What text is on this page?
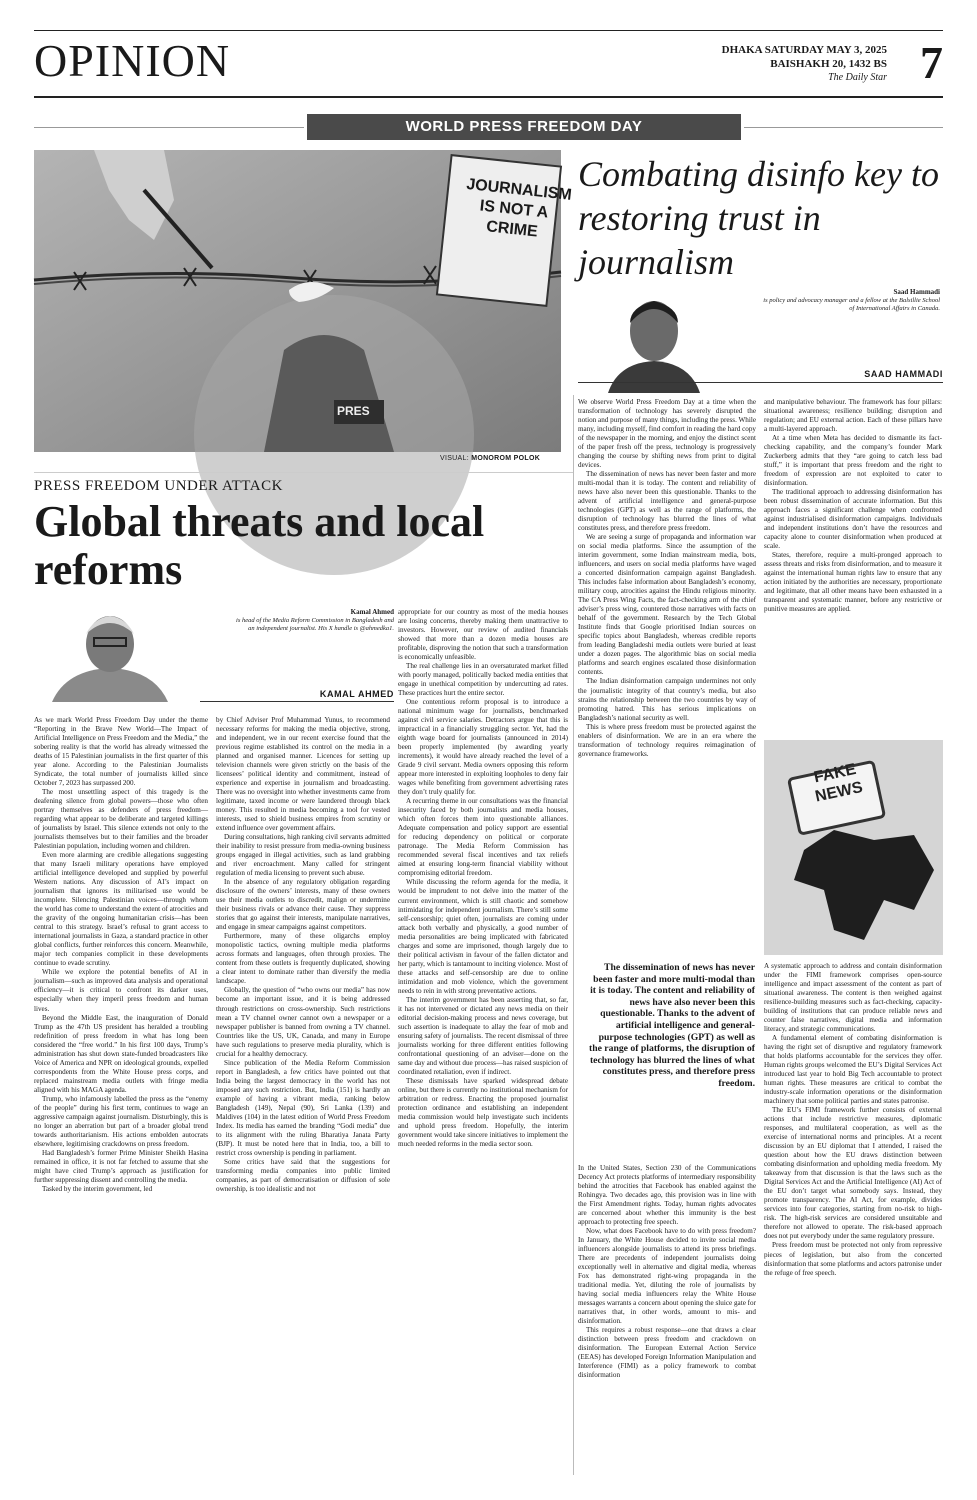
OPINION	DHAKA SATURDAY MAY 3, 2025
BAISHAKH 20, 1432 BS
The Daily Star 7
WORLD PRESS FREEDOM DAY
JOURNALISM IS NOT A CRIME
PRES
VISUAL: MONOROM POLOK
Combating disinfo key to restoring trust in journalism
Saad Hammadi
is policy and advocacy manager and a fellow at the Balsillie School of International Affairs in Canada.
SAAD HAMMADI
PRESS FREEDOM UNDER ATTACK
Global threats and local reforms
Kamal Ahmed
is head of the Media Reform Commission in Bangladesh and an independent journalist. His X handle is @ahmedka1.
KAMAL AHMED

As we mark World Press Freedom Day under the theme “Reporting in the Brave New World—The Impact of Artificial Intelligence on Press Freedom and the Media,” the sobering reality is that the world has already witnessed the deaths of 15 Palestinian journalists in the first quarter of this year alone. According to the Palestinian Journalists Syndicate, the total number of journalists killed since October 7, 2023 has surpassed 200.

The most unsettling aspect of this tragedy is the deafening silence from global powers—those who often portray themselves as defenders of press freedom—regarding what appear to be deliberate and targeted killings of journalists by Israel. This silence extends not only to the journalists themselves but to their families and the broader Palestinian population, including women and children.

Even more alarming are credible allegations suggesting that many Israeli military operations have employed artificial intelligence developed and supplied by powerful Western nations. Any discussion of AI’s impact on journalism that ignores its militarised use would be incomplete. Silencing Palestinian voices—through whom the world has come to understand the extent of atrocities and the gravity of the ongoing humanitarian crisis—has been central to this strategy. Israel’s refusal to grant access to international journalists in Gaza, a standard practice in other global conflicts, further reinforces this concern. Meanwhile, major tech companies complicit in these developments continue to evade scrutiny.

While we explore the potential benefits of AI in journalism—such as improved data analysis and operational efficiency—it is critical to confront its darker uses, especially when they imperil press freedom and human lives.

Beyond the Middle East, the inauguration of Donald Trump as the 47th US president has heralded a troubling redefinition of press freedom in what has long been considered the “free world.” In his first 100 days, Trump’s administration has shut down state-funded broadcasters like Voice of America and NPR on ideological grounds, expelled correspondents from the White House press corps, and replaced mainstream media outlets with fringe media aligned with his MAGA agenda.

Trump, who infamously labelled the press as the “enemy of the people” during his first term, continues to wage an aggressive campaign against journalism. Disturbingly, this is no longer an aberration but part of a broader global trend towards authoritarianism. His actions embolden autocrats elsewhere, legitimising crackdowns on press freedom.

Had Bangladesh’s former Prime Minister Sheikh Hasina remained in office, it is not far fetched to assume that she might have cited Trump’s approach as justification for further suppressing dissent and controlling the media.

Tasked by the interim government, led

by Chief Adviser Prof Muhammad Yunus, to recommend necessary reforms for making the media objective, strong, and independent, we in our recent exercise found that the previous regime established its control on the media in a planned and organised manner. Licences for setting up television channels were given strictly on the basis of the licensees’ political identity and commitment, instead of experience and expertise in journalism and broadcasting. There was no oversight into whether investments came from legitimate, taxed income or were laundered through black money. This resulted in media becoming a tool for vested interests, used to shield business empires from scrutiny or extend influence over government affairs.

During consultations, high ranking civil servants admitted their inability to resist pressure from media-owning business groups engaged in illegal activities, such as land grabbing and river encroachment. Many called for stringent regulation of media licensing to prevent such abuse.

In the absence of any regulatory obligation regarding disclosure of the owners’ interests, many of these owners use their media outlets to discredit, malign or undermine their business rivals or advance their cause. They suppress stories that go against their interests, manipulate narratives, and engage in smear campaigns against competitors.

Furthermore, many of these oligarchs employ monopolistic tactics, owning multiple media platforms across formats and languages, often through proxies. The content from these outlets is frequently duplicated, showing a clear intent to dominate rather than diversify the media landscape.

Globally, the question of “who owns our media” has now become an important issue, and it is being addressed through restrictions on cross-ownership. Such restrictions mean a TV channel owner cannot own a newspaper or a newspaper publisher is banned from owning a TV channel. Countries like the US, UK, Canada, and many in Europe have such regulations to preserve media plurality, which is crucial for a healthy democracy.

Since publication of the Media Reform Commission report in Bangladesh, a few critics have pointed out that India being the largest democracy in the world has not imposed any such restriction. But, India (151) is hardly an example of having a vibrant media, ranking below Bangladesh (149), Nepal (90), Sri Lanka (139) and Maldives (104) in the latest edition of World Press Freedom Index. Its media has earned the branding “Godi media” due to its alignment with the ruling Bharatiya Janata Party (BJP). It must be noted here that in India, too, a bill to restrict cross ownership is pending in parliament.

Some critics have said that the suggestions for transforming media companies into public limited companies, as part of democratisation or diffusion of sole ownership, is too idealistic and not

appropriate for our country as most of the media houses are losing concerns, thereby making them unattractive to investors. However, our review of audited financials showed that more than a dozen media houses are profitable, disproving the notion that such a transformation is economically unfeasible.

The real challenge lies in an oversaturated market filled with poorly managed, politically backed media entities that engage in unethical competition by undercutting ad rates. These practices hurt the entire sector.

One contentious reform proposal is to introduce a national minimum wage for journalists, benchmarked against civil service salaries. Detractors argue that this is impractical in a financially struggling sector. Yet, had the eighth wage board for journalists (announced in 2014) been properly implemented (by awarding yearly increments), it would have already reached the level of a Grade 9 civil servant. Media owners opposing this reform appear more interested in exploiting loopholes to deny fair wages while benefiting from government advertising rates they don’t truly qualify for.

A recurring theme in our consultations was the financial insecurity faced by both journalists and media houses, which often forces them into questionable alliances. Adequate compensation and policy support are essential for reducing dependency on political or corporate patronage. The Media Reform Commission has recommended several fiscal incentives and tax reliefs aimed at ensuring long-term financial viability without compromising editorial freedom.

While discussing the reform agenda for the media, it would be imprudent to not delve into the matter of the current environment, which is still chaotic and somehow intimidating for independent journalism. There’s still some self-censorship; quiet often, journalists are coming under attack both verbally and physically, a good number of media personalities are being implicated with fabricated charges and some are imprisoned, though largely due to their political activism in favour of the fallen dictator and her party, which is tantamount to inciting violence. Most of these attacks and self-censorship are due to online intimidation and mob violence, which the government needs to rein in with strong preventative actions.

The interim government has been asserting that, so far, it has not intervened or dictated any news media on their editorial decision-making process and news coverage, but such assertion is inadequate to allay the fear of mob and ensuring safety of journalists. The recent dismissal of three journalists working for three different entities following confrontational questioning of an adviser—done on the same day and without due process—has raised suspicion of coordinated retaliation, even if indirect.

These dismissals have sparked widespread debate online, but there is currently no institutional mechanism for arbitration or redress. Enacting the proposed journalist protection ordinance and establishing an independent media commission would help investigate such incidents and uphold press freedom. Hopefully, the interim government would take sincere initiatives to implement the much needed reforms in the media sector soon.

We observe World Press Freedom Day at a time when the transformation of technology has severely disrupted the notion and purpose of many things, including the press. While many, including myself, find comfort in reading the hard copy of the newspaper in the morning, and enjoy the distinct scent of the paper fresh off the press, technology is progressively changing the course by shifting news from print to digital devices.

The dissemination of news has never been faster and more multi-modal than it is today. The content and reliability of news have also never been this questionable. Thanks to the advent of artificial intelligence and general-purpose technologies (GPT) as well as the range of platforms, the disruption of technology has blurred the lines of what constitutes press, and therefore press freedom.

We are seeing a surge of propaganda and information war on social media platforms. Since the assumption of the interim government, some Indian mainstream media, bots, influencers, and users on social media platforms have waged a concerted disinformation campaign against Bangladesh. This includes false information about Bangladesh’s economy, military coup, atrocities against the Hindu religious minority. The CA Press Wing Facts, the fact-checking arm of the chief adviser’s press wing, countered those narratives with facts on behalf of the government. Research by the Tech Global Institute finds that Google prioritised Indian sources on specific topics about Bangladesh, whereas credible reports from leading Bangladeshi media outlets were buried at least under a dozen pages. The algorithmic bias on social media platforms and search engines escalated those disinformation contents.

The Indian disinformation campaign undermines not only the journalistic integrity of that country’s media, but also strains the relationship between the two countries by way of promoting hatred. This has serious implications on Bangladesh’s national security as well.

This is where press freedom must be protected against the enablers of disinformation. We are in an era where the transformation of technology requires reimagination of governance frameworks.

and manipulative behaviour. The framework has four pillars: situational awareness; resilience building; disruption and regulation; and EU external action. Each of these pillars have a multi-layered approach.

At a time when Meta has decided to dismantle its fact-checking capability, and the company’s founder Mark Zuckerberg admits that they “are going to catch less bad stuff,” it is important that press freedom and the right to freedom of expression are not exploited to cater to disinformation.

The traditional approach to addressing disinformation has been robust dissemination of accurate information. But this approach faces a significant challenge when confronted against industrialised disinformation campaigns. Individuals and independent institutions don’t have the resources and capacity alone to counter disinformation when produced at scale.

States, therefore, require a multi-pronged approach to assess threats and risks from disinformation, and to measure it against the international human rights law to ensure that any action initiated by the authorities are necessary, proportionate and legitimate, that all other means have been exhausted in a transparent and systematic manner, before any restrictive or punitive measures are applied.

FAKE NEWS
The dissemination of news has never been faster and more multi-modal than it is today. The content and reliability of news have also never been this questionable. Thanks to the advent of artificial intelligence and general-purpose technologies (GPT) as well as the range of platforms, the disruption of technology has blurred the lines of what constitutes press, and therefore press freedom.

In the United States, Section 230 of the Communications Decency Act protects platforms of intermediary responsibility behind the atrocities that Facebook has enabled against the Rohingya. Two decades ago, this provision was in line with the First Amendment rights. Today, human rights advocates are concerned about whether this immunity is the best approach to protecting free speech.

Now, what does Facebook have to do with press freedom? In January, the White House decided to invite social media influencers alongside journalists to attend its press briefings. There are precedents of independent journalists doing exceptionally well in alternative and digital media, whereas Fox has demonstrated right-wing propaganda in the traditional media. Yet, diluting the role of journalists by having social media influencers relay the White House messages warrants a concern about opening the sluice gate for narratives that, in other words, amount to mis- and disinformation.

This requires a robust response—one that draws a clear distinction between press freedom and crackdown on disinformation. The European External Action Service (EEAS) has developed Foreign Information Manipulation and Interference (FIMI) as a policy framework to combat disinformation

A systematic approach to address and contain disinformation under the FIMI framework comprises open-source intelligence and impact assessment of the content as part of situational awareness. The content is then weighed against resilience-building measures such as fact-checking, capacity-building of institutions that can produce reliable news and counter false narratives, digital media and information literacy, and strategic communications.

A fundamental element of combating disinformation is having the right set of disruptive and regulatory framework that holds platforms accountable for the services they offer. Human rights groups welcomed the EU’s Digital Services Act introduced last year to hold Big Tech accountable to protect human rights. These measures are critical to combat the industry-scale information operations or the disinformation machinery that some political parties and states patronise.

The EU’s FIMI framework further consists of external actions that include restrictive measures, diplomatic responses, and multilateral cooperation, as well as the exercise of international norms and principles. At a recent discussion by an EU diplomat that I attended, I raised the question about how the EU draws distinction between combating disinformation and upholding media freedom. My takeaway from that discussion is that the laws such as the Digital Services Act and the Artificial Intelligence (AI) Act of the EU don’t target what somebody says. Instead, they promote transparency. The AI Act, for example, divides services into four categories, starting from no-risk to high-risk. The high-risk services are considered unsuitable and therefore not allowed to operate. The risk-based approach does not put everybody under the same regulatory pressure.

Press freedom must be protected not only from repressive pieces of legislation, but also from the concerted disinformation that some platforms and actors patronise under the refuge of free speech.
